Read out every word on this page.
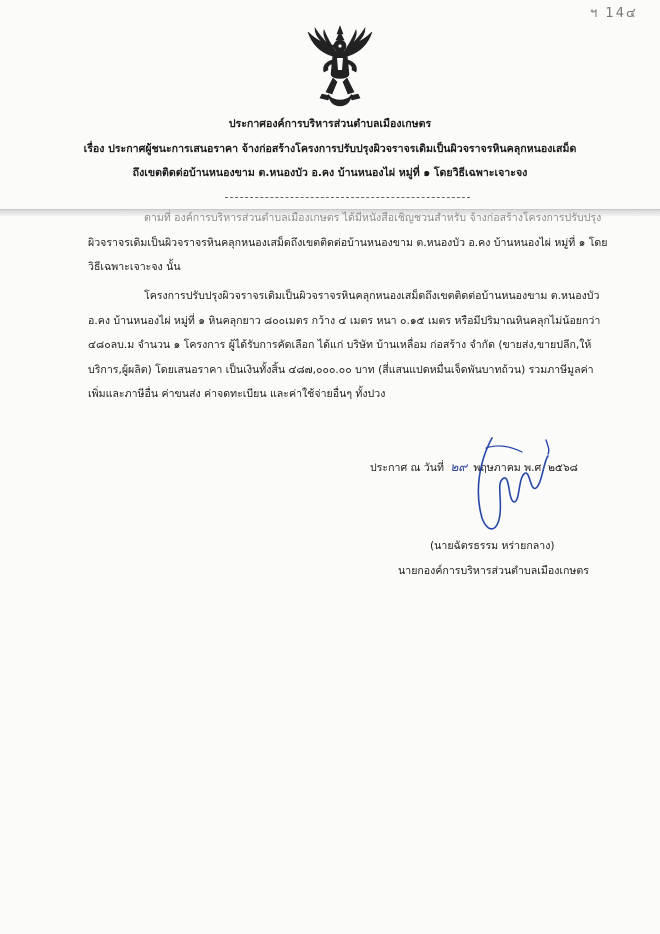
ฯ 14๔
ประกาศองค์การบริหารส่วนตำบลเมืองเกษตร
เรื่อง ประกาศผู้ชนะการเสนอราคา จ้างก่อสร้างโครงการปรับปรุงผิวจราจรเดิมเป็นผิวจราจรหินคลุกหนองเสม็ด
ถึงเขตติดต่อบ้านหนองขาม ต.หนองบัว อ.คง บ้านหนองไผ่ หมู่ที่ ๑ โดยวิธีเฉพาะเจาะจง
ตามที่ องค์การบริหารส่วนตำบลเมืองเกษตร ได้มีหนังสือเชิญชวนสำหรับ จ้างก่อสร้างโครงการปรับปรุง
ผิวจราจรเดิมเป็นผิวจราจรหินคลุกหนองเสม็ดถึงเขตติดต่อบ้านหนองขาม ต.หนองบัว อ.คง บ้านหนองไผ่ หมู่ที่ ๑ โดย
วิธีเฉพาะเจาะจง นั้น
โครงการปรับปรุงผิวจราจรเดิมเป็นผิวจราจรหินคลุกหนองเสม็ดถึงเขตติดต่อบ้านหนองขาม ต.หนองบัว
อ.คง บ้านหนองไผ่ หมู่ที่ ๑ หินคลุกยาว ๘๐๐เมตร กว้าง ๔ เมตร หนา ๐.๑๕ เมตร หรือมีปริมาณหินคลุกไม่น้อยกว่า
๔๘๐ลบ.ม จำนวน ๑ โครงการ ผู้ได้รับการคัดเลือก ได้แก่ บริษัท บ้านเหลื่อม ก่อสร้าง จำกัด (ขายส่ง,ขายปลีก,ให้
บริการ,ผู้ผลิต) โดยเสนอราคา เป็นเงินทั้งสิ้น ๔๘๗,๐๐๐.๐๐ บาท (สี่แสนแปดหมื่นเจ็ดพันบาทถ้วน) รวมภาษีมูลค่า
เพิ่มและภาษีอื่น ค่าขนส่ง ค่าจดทะเบียน และค่าใช้จ่ายอื่นๆ ทั้งปวง
ประกาศ ณ วันที่ ๒๙ พฤษภาคม พ.ศ. ๒๕๖๘
(นายฉัตรธรรม หร่ายกลาง)
นายกองค์การบริหารส่วนตำบลเมืองเกษตร
